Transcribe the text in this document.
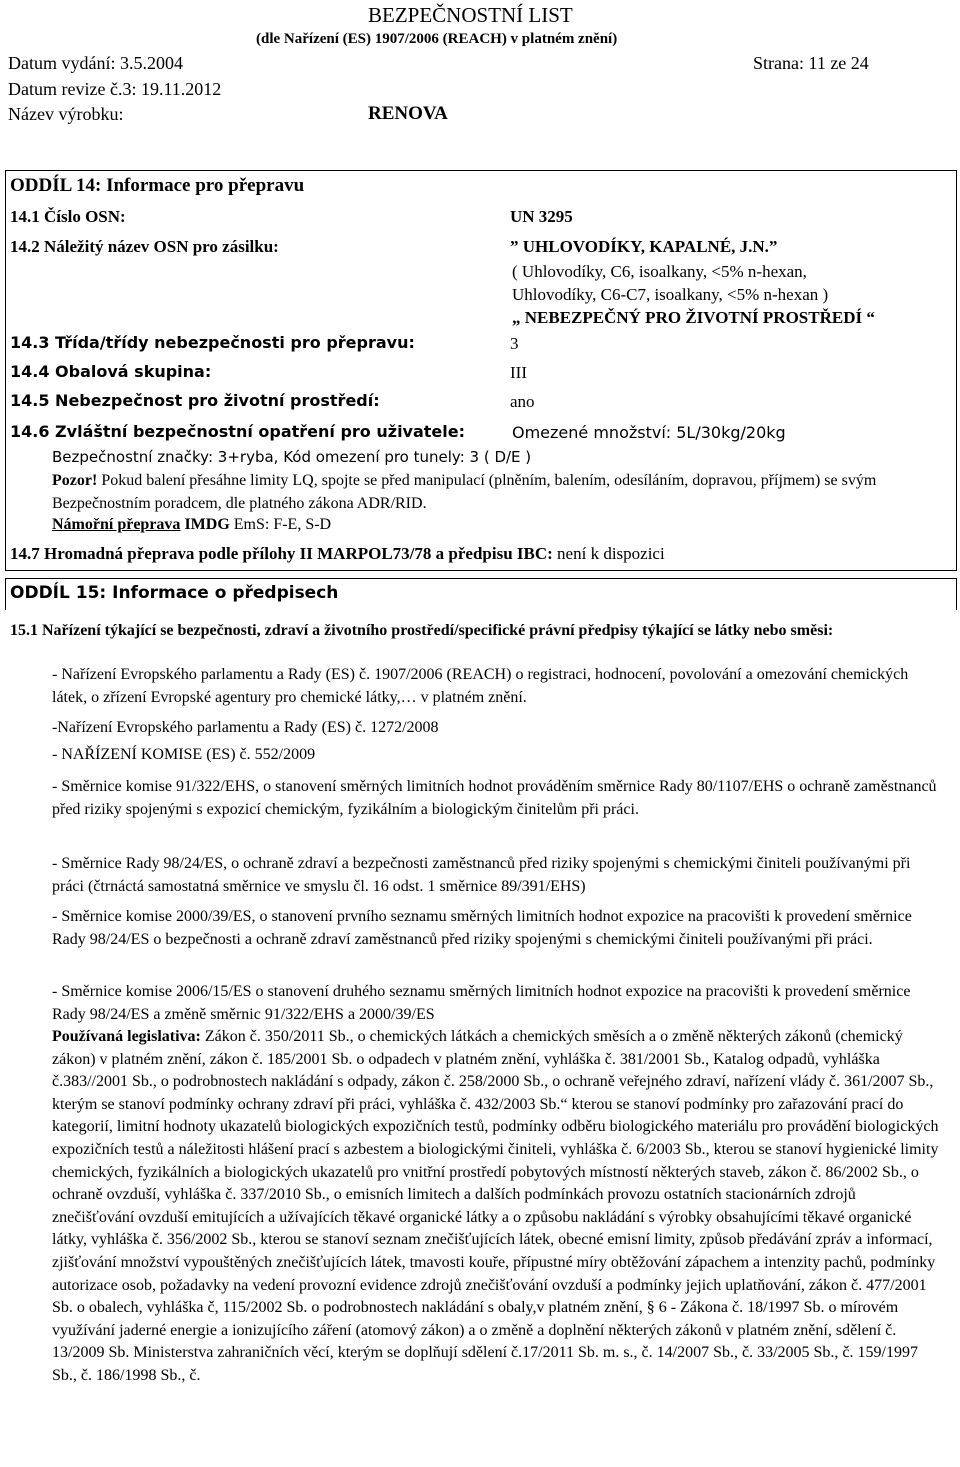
BEZPEČNOSTNÍ LIST
(dle Nařízení (ES) 1907/2006 (REACH) v platném znění)
Datum vydání: 3.5.2004	Strana: 11 ze 24
Datum revize č.3: 19.11.2012
Název výrobku:	RENOVA
ODDÍL 14: Informace pro přepravu
14.1 Číslo OSN:	UN 3295
14.2 Náležitý název OSN pro zásilku:	” UHLOVODÍKY, KAPALNÉ, J.N.”
( Uhlovodíky, C6, isoalkany, <5% n-hexan,
Uhlovodíky, C6-C7, isoalkany, <5% n-hexan )
„ NEBEZPEČNÝ PRO ŽIVOTNÍ PROSTŘEDÍ “
14.3 Třída/třídy nebezpečnosti pro přepravu:	3
14.4 Obalová skupina:	III
14.5 Nebezpečnost pro životní prostředí:	ano
14.6 Zvláštní bezpečnostní opatření pro uživatele:	Omezené množství: 5L/30kg/20kg
Bezpečnostní značky: 3+ryba, Kód omezení pro tunely: 3 ( D/E )
Pozor! Pokud balení přesáhne limity LQ, spojte se před manipulací (plněním, balením, odesíláním, dopravou, příjmem) se svým Bezpečnostním poradcem, dle platného zákona ADR/RID.
Námořní přeprava IMDG EmS: F-E, S-D
14.7 Hromadná přeprava podle přílohy II MARPOL73/78 a předpisu IBC: není k dispozici
ODDÍL 15: Informace o předpisech
15.1 Nařízení týkající se bezpečnosti, zdraví a životního prostředí/specifické právní předpisy týkající se látky nebo směsi:
- Nařízení Evropského parlamentu a Rady (ES) č. 1907/2006 (REACH) o registraci, hodnocení, povolování a omezování chemických látek, o zřízení Evropské agentury pro chemické látky,… v platném znění.
-Nařízení Evropského parlamentu a Rady (ES) č. 1272/2008
- NAŘÍZENÍ KOMISE (ES) č. 552/2009
- Směrnice komise 91/322/EHS, o stanovení směrných limitních hodnot prováděním směrnice Rady 80/1107/EHS o ochraně zaměstnanců před riziky spojenými s expozicí chemickým, fyzikálním a biologickým činitelům při práci.
- Směrnice Rady 98/24/ES, o ochraně zdraví a bezpečnosti zaměstnanců před riziky spojenými s chemickými činiteli používanými při práci (čtrnáctá samostatná směrnice ve smyslu čl. 16 odst. 1 směrnice 89/391/EHS)
- Směrnice komise 2000/39/ES, o stanovení prvního seznamu směrných limitních hodnot expozice na pracovišti k provedení směrnice Rady 98/24/ES o bezpečnosti a ochraně zdraví zaměstnanců před riziky spojenými s chemickými činiteli používanými při práci.
- Směrnice komise 2006/15/ES o stanovení druhého seznamu směrných limitních hodnot expozice na pracovišti k provedení směrnice Rady 98/24/ES a změně směrnic 91/322/EHS a 2000/39/ES
Používaná legislativa: Zákon č. 350/2011 Sb., o chemických látkách a chemických směsích a o změně některých zákonů (chemický zákon) v platném znění, zákon č. 185/2001 Sb. o odpadech v platném znění, vyhláška č. 381/2001 Sb., Katalog odpadů, vyhláška č.383//2001 Sb., o podrobnostech nakládání s odpady, zákon č. 258/2000 Sb., o ochraně veřejného zdraví, nařízení vlády č. 361/2007 Sb., kterým se stanoví podmínky ochrany zdraví při práci, vyhláška č. 432/2003 Sb.“ kterou se stanoví podmínky pro zařazování prací do kategorií, limitní hodnoty ukazatelů biologických expozičních testů, podmínky odběru biologického materiálu pro provádění biologických expozičních testů a náležitosti hlášení prací s azbestem a biologickými činiteli, vyhláška č. 6/2003 Sb., kterou se stanoví hygienické limity chemických, fyzikálních a biologických ukazatelů pro vnitřní prostředí pobytových místností některých staveb, zákon č. 86/2002 Sb., o ochraně ovzduší, vyhláška č. 337/2010 Sb., o emisních limitech a dalších podmínkách provozu ostatních stacionárních zdrojů znečišťování ovzduší emitujících a užívajících těkavé organické látky a o způsobu nakládání s výrobky obsahujícími těkavé organické látky, vyhláška č. 356/2002 Sb., kterou se stanoví seznam znečišťujících látek, obecné emisní limity, způsob předávání zpráv a informací, zjišťování množství vypouštěných znečišťujících látek, tmavosti kouře, přípustné míry obtěžování zápachem a intenzity pachů, podmínky autorizace osob, požadavky na vedení provozní evidence zdrojů znečišťování ovzduší a podmínky jejich uplatňování, zákon č. 477/2001 Sb. o obalech, vyhláška č, 115/2002 Sb. o podrobnostech nakládání s obaly,v platném znění, § 6 - Zákona č. 18/1997 Sb. o mírovém využívání jaderné energie a ionizujícího záření (atomový zákon) a o změně a doplnění některých zákonů v platném znění, sdělení č. 13/2009 Sb. Ministerstva zahraničních věcí, kterým se doplňují sdělení č.17/2011 Sb. m. s., č. 14/2007 Sb., č. 33/2005 Sb., č. 159/1997 Sb., č. 186/1998 Sb., č.
